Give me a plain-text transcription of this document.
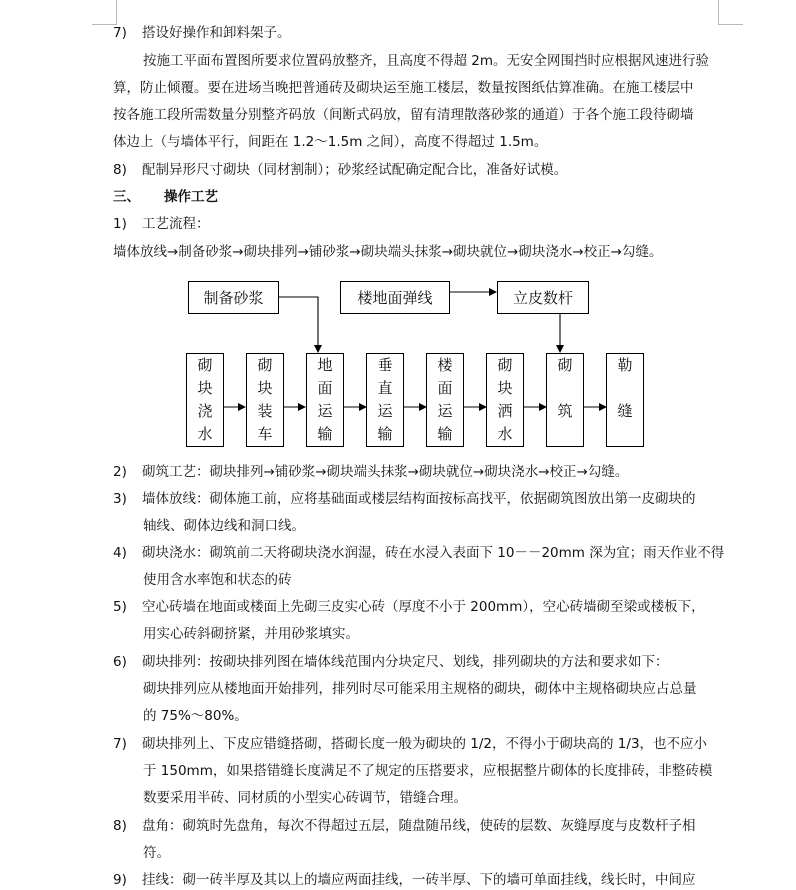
7) 搭设好操作和卸料架子。
按施工平面布置图所要求位置码放整齐，且高度不得超 2m。无安全网围挡时应根据风速进行验
算，防止倾覆。要在进场当晚把普通砖及砌块运至施工楼层，数量按图纸估算准确。在施工楼层中
按各施工段所需数量分别整齐码放（间断式码放，留有清理散落砂浆的通道）于各个施工段待砌墙
体边上（与墙体平行，间距在 1.2～1.5m 之间），高度不得超过 1.5m。
8) 配制异形尺寸砌块（同材割制）；砂浆经试配确定配合比，准备好试模。
三、 操作工艺
1) 工艺流程：
墙体放线→制备砂浆→砌块排列→铺砂浆→砌块端头抹浆→砌块就位→砌块浇水→校正→勾缝。
制备砂浆	楼地面弹线	立皮数杆
砌
块
浇
水
砌
块
装
车
地
面
运
输
垂
直
运
输
楼
面
运
输
砌
块
洒
水
砌
筑
勒
缝
2) 砌筑工艺：砌块排列→铺砂浆→砌块端头抹浆→砌块就位→砌块浇水→校正→勾缝。
3) 墙体放线：砌体施工前，应将基础面或楼层结构面按标高找平，依据砌筑图放出第一皮砌块的
轴线、砌体边线和洞口线。
4) 砌块浇水：砌筑前二天将砌块浇水润湿，砖在水浸入表面下 10－－20mm 深为宜；雨天作业不得
使用含水率饱和状态的砖
5) 空心砖墙在地面或楼面上先砌三皮实心砖（厚度不小于 200mm），空心砖墙砌至梁或楼板下，
用实心砖斜砌挤紧，并用砂浆填实。
6) 砌块排列：按砌块排列图在墙体线范围内分块定尺、划线，排列砌块的方法和要求如下：
砌块排列应从楼地面开始排列，排列时尽可能采用主规格的砌块，砌体中主规格砌块应占总量
的 75%～80%。
7) 砌块排列上、下皮应错缝搭砌，搭砌长度一般为砌块的 1/2，不得小于砌块高的 1/3，也不应小
于 150mm，如果搭错缝长度满足不了规定的压搭要求，应根据整片砌体的长度排砖，非整砖模
数要采用半砖、同材质的小型实心砖调节，错缝合理。
8) 盘角：砌筑时先盘角，每次不得超过五层，随盘随吊线，使砖的层数、灰缝厚度与皮数杆子相
符。
9) 挂线：砌一砖半厚及其以上的墙应两面挂线，一砖半厚、下的墙可单面挂线，线长时，中间应
